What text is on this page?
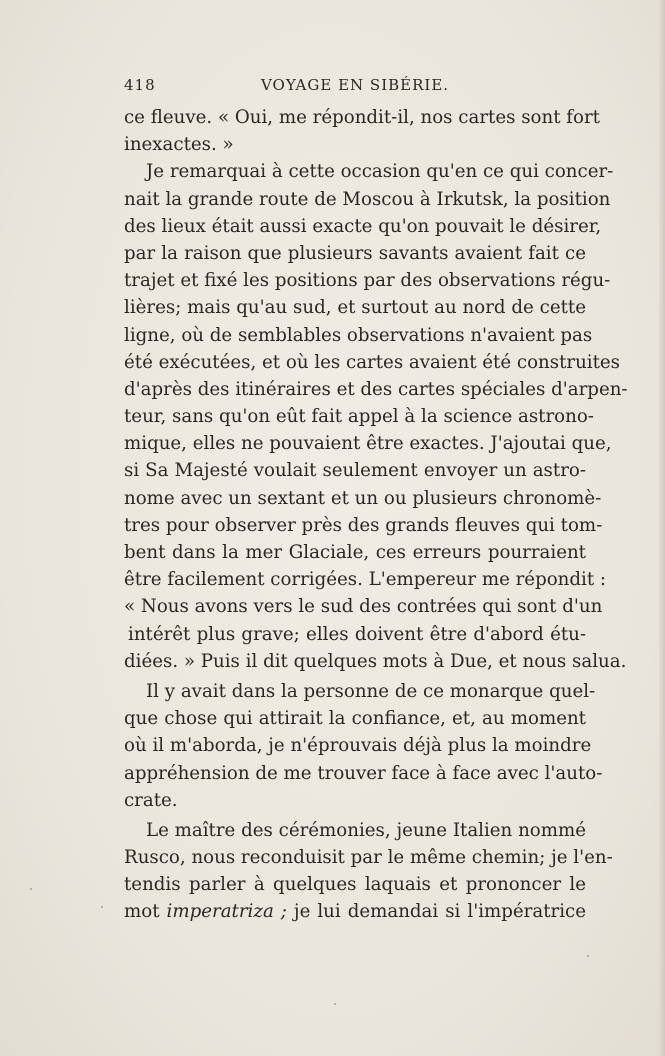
418	VOYAGE EN SIBÉRIE.
ce fleuve. « Oui, me répondit-il, nos cartes sont fort
inexactes. »
Je remarquai à cette occasion qu'en ce qui concer-
nait la grande route de Moscou à Irkutsk, la position
des lieux était aussi exacte qu'on pouvait le désirer,
par la raison que plusieurs savants avaient fait ce
trajet et fixé les positions par des observations régu-
lières; mais qu'au sud, et surtout au nord de cette
ligne, où de semblables observations n'avaient pas
été exécutées, et où les cartes avaient été construites
d'après des itinéraires et des cartes spéciales d'arpen-
teur, sans qu'on eût fait appel à la science astrono-
mique, elles ne pouvaient être exactes. J'ajoutai que,
si Sa Majesté voulait seulement envoyer un astro-
nome avec un sextant et un ou plusieurs chronomè-
tres pour observer près des grands fleuves qui tom-
bent dans la mer Glaciale, ces erreurs pourraient
être facilement corrigées. L'empereur me répondit :
« Nous avons vers le sud des contrées qui sont d'un
intérêt plus grave; elles doivent être d'abord étu-
diées. » Puis il dit quelques mots à Due, et nous salua.
Il y avait dans la personne de ce monarque quel-
que chose qui attirait la confiance, et, au moment
où il m'aborda, je n'éprouvais déjà plus la moindre
appréhension de me trouver face à face avec l'auto-
crate.
Le maître des cérémonies, jeune Italien nommé
Rusco, nous reconduisit par le même chemin; je l'en-
tendis parler à quelques laquais et prononcer le
mot imperatriza ; je lui demandai si l'impératrice
